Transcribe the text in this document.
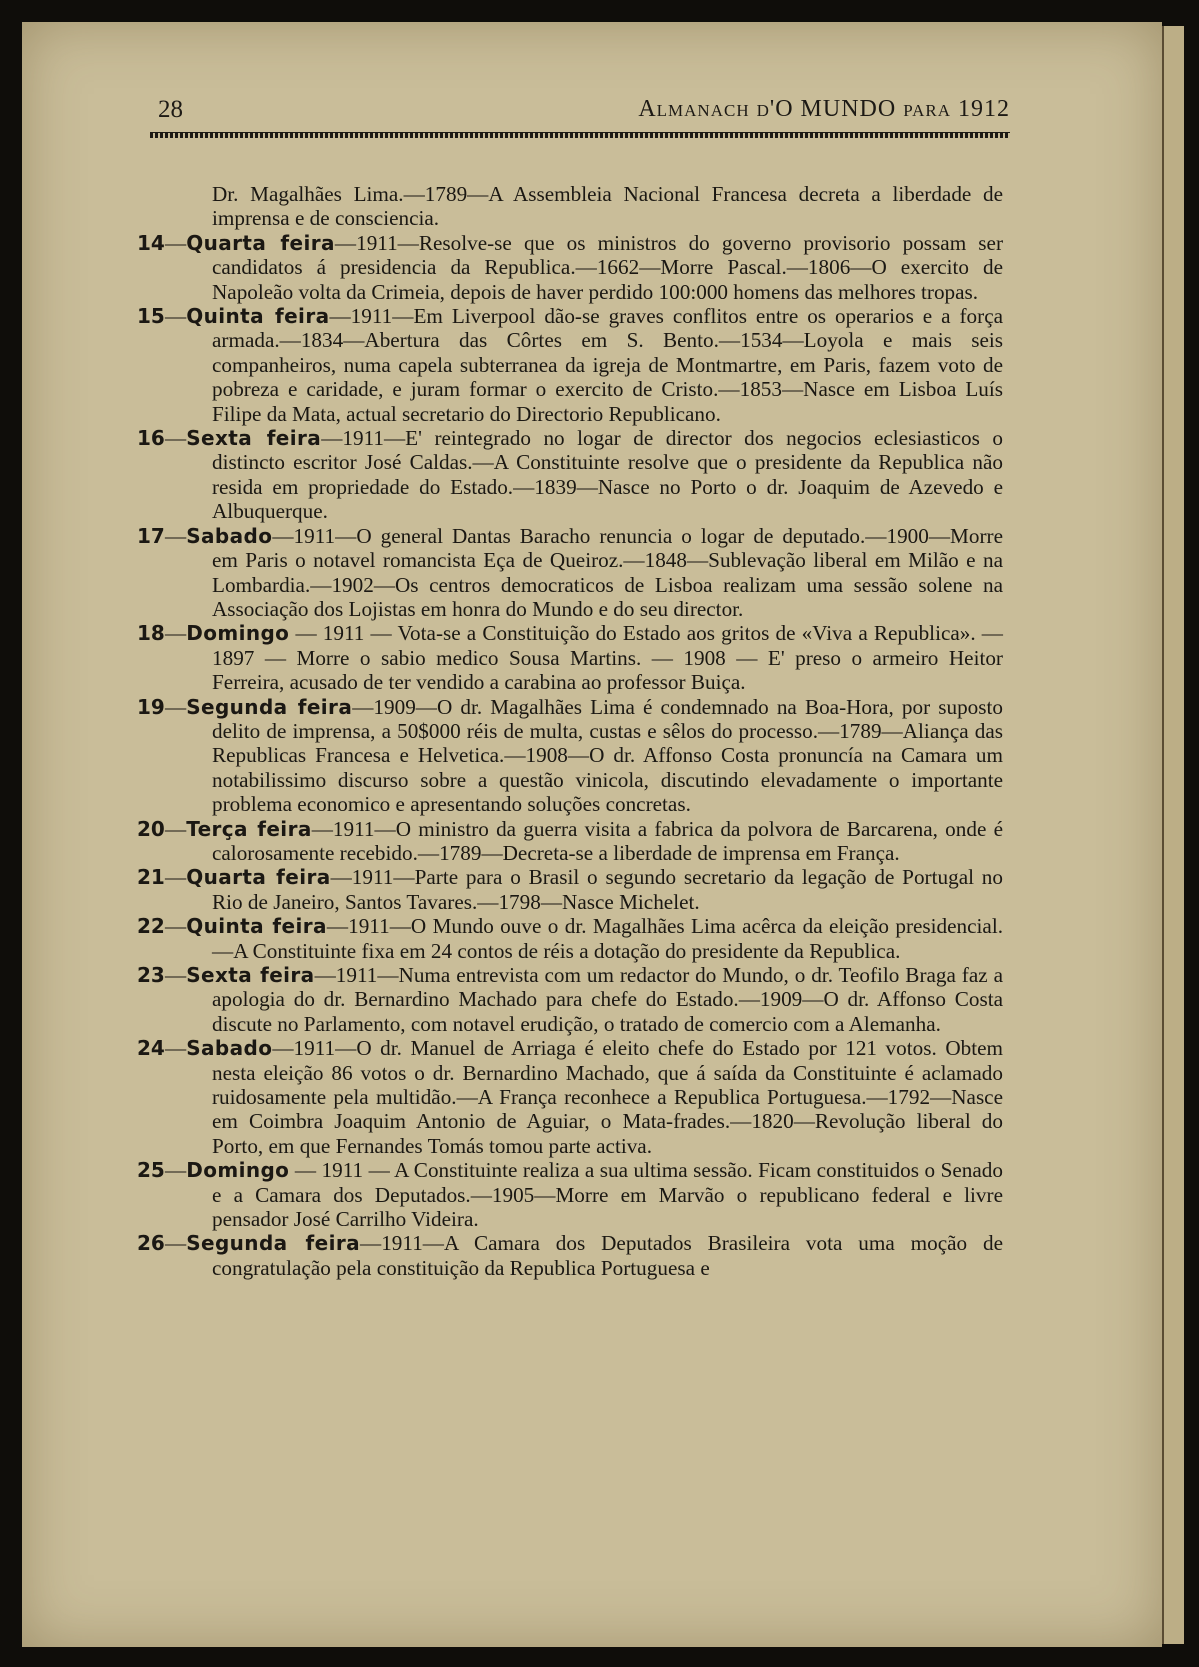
28	Almanach d'O MUNDO para 1912

Dr. Magalhães Lima.—1789—A Assembleia Nacional Francesa decreta a liberdade de imprensa e de consciencia.

14—Quarta feira—1911—Resolve-se que os ministros do governo provisorio possam ser candidatos á presidencia da Republica.—1662—Morre Pascal.—1806—O exercito de Napoleão volta da Crimeia, depois de haver perdido 100:000 homens das melhores tropas.

15—Quinta feira—1911—Em Liverpool dão-se graves conflitos entre os operarios e a força armada.—1834—Abertura das Côrtes em S. Bento.—1534—Loyola e mais seis companheiros, numa capela subterranea da igreja de Montmartre, em Paris, fazem voto de pobreza e caridade, e juram formar o exercito de Cristo.—1853—Nasce em Lisboa Luís Filipe da Mata, actual secretario do Directorio Republicano.

16—Sexta feira—1911—E' reintegrado no logar de director dos negocios eclesiasticos o distincto escritor José Caldas.—A Constituinte resolve que o presidente da Republica não resida em propriedade do Estado.—1839—Nasce no Porto o dr. Joaquim de Azevedo e Albuquerque.

17—Sabado—1911—O general Dantas Baracho renuncia o logar de deputado.—1900—Morre em Paris o notavel romancista Eça de Queiroz.—1848—Sublevação liberal em Milão e na Lombardia.—1902—Os centros democraticos de Lisboa realizam uma sessão solene na Associação dos Lojistas em honra do Mundo e do seu director.

18—Domingo — 1911 — Vota-se a Constituição do Estado aos gritos de «Viva a Republica». — 1897 — Morre o sabio medico Sousa Martins. — 1908 — E' preso o armeiro Heitor Ferreira, acusado de ter vendido a carabina ao professor Buiça.

19—Segunda feira—1909—O dr. Magalhães Lima é condemnado na Boa-Hora, por suposto delito de imprensa, a 50$000 réis de multa, custas e sêlos do processo.—1789—Aliança das Republicas Francesa e Helvetica.—1908—O dr. Affonso Costa pronuncía na Camara um notabilissimo discurso sobre a questão vinicola, discutindo elevadamente o importante problema economico e apresentando soluções concretas.

20—Terça feira—1911—O ministro da guerra visita a fabrica da polvora de Barcarena, onde é calorosamente recebido.—1789—Decreta-se a liberdade de imprensa em França.

21—Quarta feira—1911—Parte para o Brasil o segundo secretario da legação de Portugal no Rio de Janeiro, Santos Tavares.—1798—Nasce Michelet.

22—Quinta feira—1911—O Mundo ouve o dr. Magalhães Lima acêrca da eleição presidencial.—A Constituinte fixa em 24 contos de réis a dotação do presidente da Republica.

23—Sexta feira—1911—Numa entrevista com um redactor do Mundo, o dr. Teofilo Braga faz a apologia do dr. Bernardino Machado para chefe do Estado.—1909—O dr. Affonso Costa discute no Parlamento, com notavel erudição, o tratado de comercio com a Alemanha.

24—Sabado—1911—O dr. Manuel de Arriaga é eleito chefe do Estado por 121 votos. Obtem nesta eleição 86 votos o dr. Bernardino Machado, que á saída da Constituinte é aclamado ruidosamente pela multidão.—A França reconhece a Republica Portuguesa.—1792—Nasce em Coimbra Joaquim Antonio de Aguiar, o Mata-frades.—1820—Revolução liberal do Porto, em que Fernandes Tomás tomou parte activa.

25—Domingo — 1911 — A Constituinte realiza a sua ultima sessão. Ficam constituidos o Senado e a Camara dos Deputados.—1905—Morre em Marvão o republicano federal e livre pensador José Carrilho Videira.

26—Segunda feira—1911—A Camara dos Deputados Brasileira vota uma moção de congratulação pela constituição da Republica Portuguesa e
